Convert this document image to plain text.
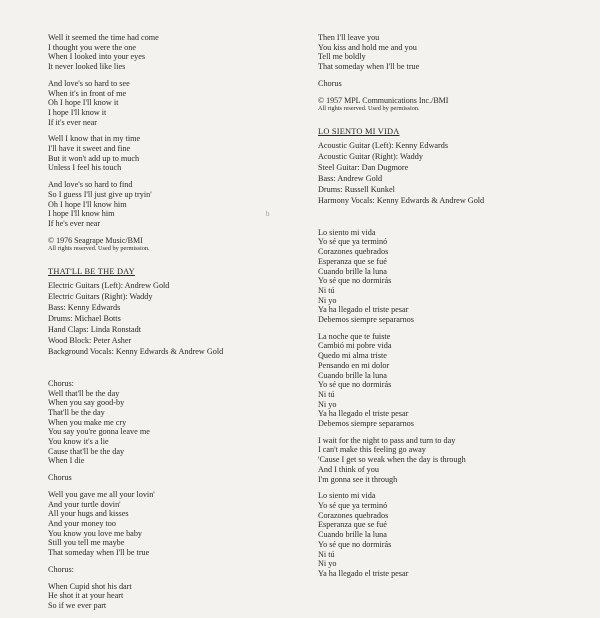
Well it seemed the time had come
I thought you were the one
When I looked into your eyes
It never looked like lies
And love's so hard to see
When it's in front of me
Oh I hope I'll know it
I hope I'll know it
If it's ever near
Well I know that in my time
I'll have it sweet and fine
But it won't add up to much
Unless I feel his touch
And love's so hard to find
So I guess I'll just give up tryin'
Oh I hope I'll know him
I hope I'll know him
If he's ever near
© 1976 Seagrape Music/BMI
All rights reserved. Used by permission.
THAT'LL BE THE DAY
Electric Guitars (Left): Andrew Gold
Electric Guitars (Right): Waddy
Bass: Kenny Edwards
Drums: Michael Botts
Hand Claps: Linda Ronstadt
Wood Block: Peter Asher
Background Vocals: Kenny Edwards & Andrew Gold
Chorus:
Well that'll be the day
When you say good-by
That'll be the day
When you make me cry
You say you're gonna leave me
You know it's a lie
Cause that'll be the day
When I die
Chorus
Well you gave me all your lovin'
And your turtle dovin'
All your hugs and kisses
And your money too
You know you love me baby
Still you tell me maybe
That someday when I'll be true
Chorus:
When Cupid shot his dart
He shot it at your heart
So if we ever part
b
Then I'll leave you
You kiss and hold me and you
Tell me boldly
That someday when I'll be true
Chorus
© 1957 MPL Communications Inc./BMI
All rights reserved. Used by permission.
LO SIENTO MI VIDA
Acoustic Guitar (Left): Kenny Edwards
Acoustic Guitar (Right): Waddy
Steel Guitar: Dan Dugmore
Bass: Andrew Gold
Drums: Russell Kunkel
Harmony Vocals: Kenny Edwards & Andrew Gold
Lo siento mi vida
Yo sé que ya terminó
Corazones quebrados
Esperanza que se fué
Cuando brille la luna
Yo sé que no dormirás
Ni tú
Ni yo
Ya ha llegado el triste pesar
Debemos siempre separarnos
La noche que te fuiste
Cambió mi pobre vida
Quedo mi alma triste
Pensando en mi dolor
Cuando brille la luna
Yo sé que no dormirás
Ni tú
Ni yo
Ya ha llegado el triste pesar
Debemos siempre separarnos
I wait for the night to pass and turn to day
I can't make this feeling go away
'Cause I get so weak when the day is through
And I think of you
I'm gonna see it through
Lo siento mi vida
Yo sé que ya terminó
Corazones quebrados
Esperanza que se fué
Cuando brille la luna
Yo sé que no dormirás
Ni tú
Ni yo
Ya ha llegado el triste pesar
